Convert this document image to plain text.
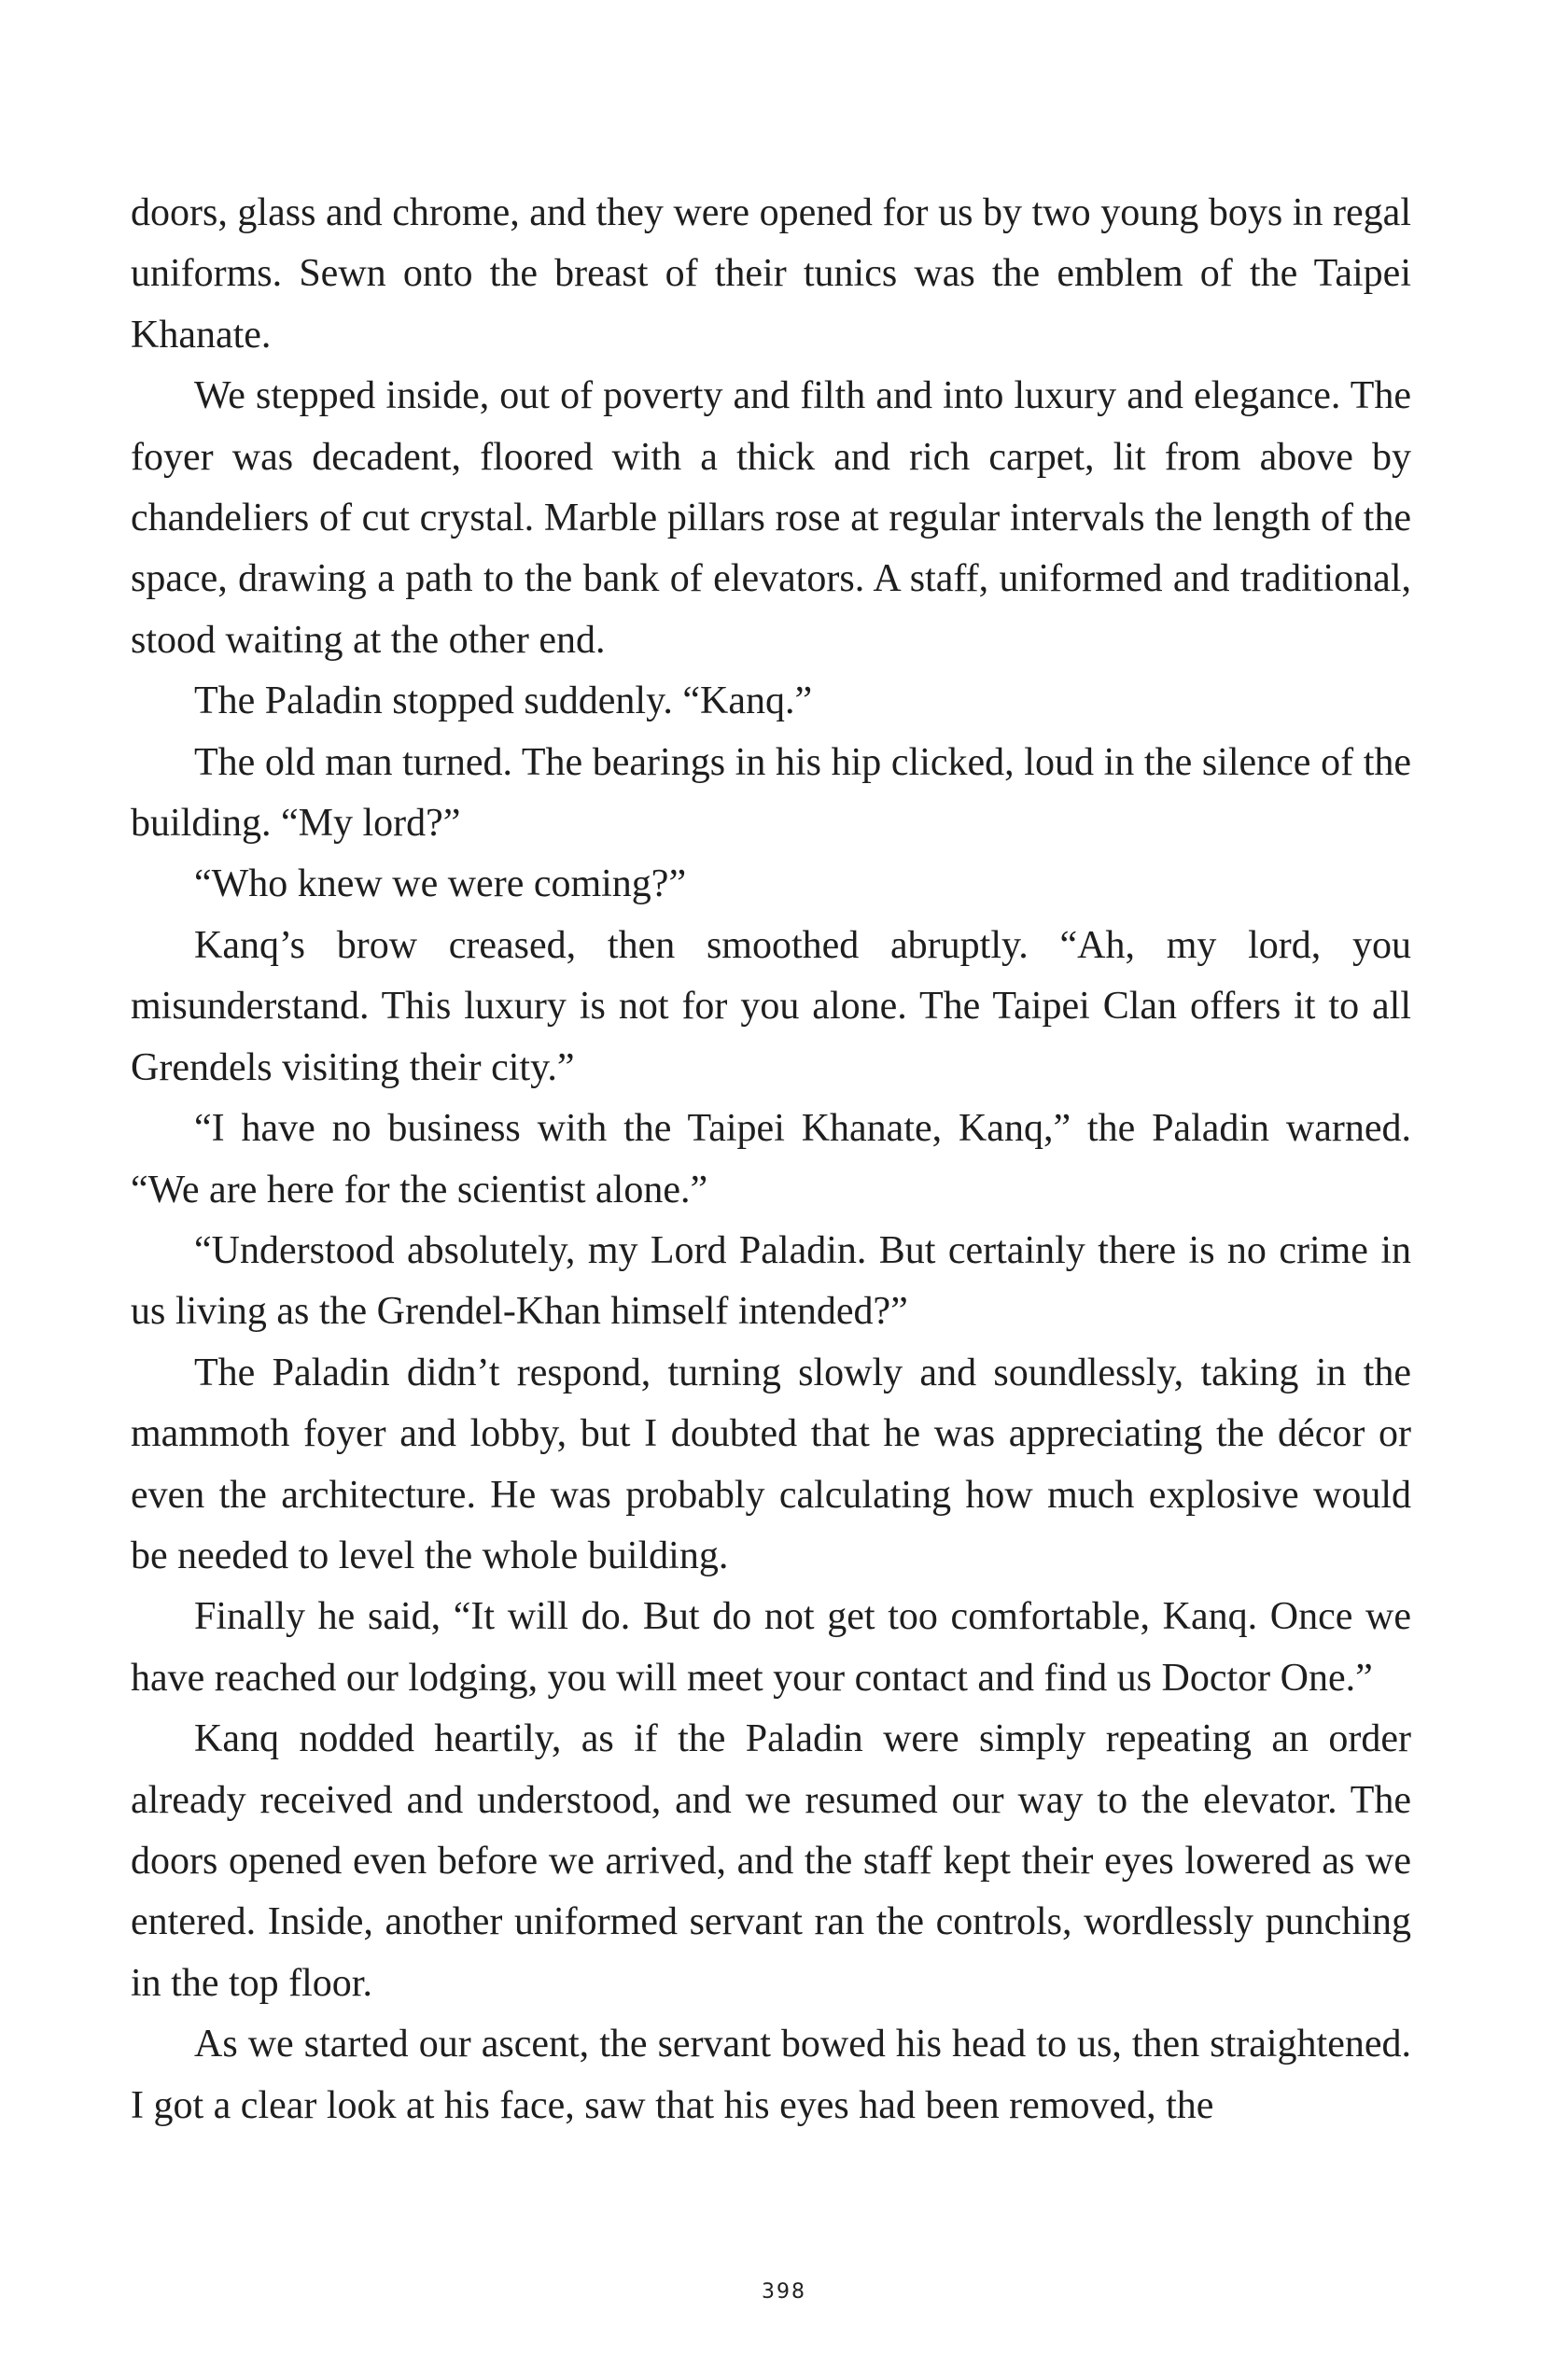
doors, glass and chrome, and they were opened for us by two young boys in regal uniforms. Sewn onto the breast of their tunics was the emblem of the Taipei Khanate.

We stepped inside, out of poverty and filth and into luxury and elegance. The foyer was decadent, floored with a thick and rich carpet, lit from above by chandeliers of cut crystal. Marble pillars rose at regular intervals the length of the space, drawing a path to the bank of elevators. A staff, uniformed and traditional, stood waiting at the other end.

The Paladin stopped suddenly. “Kanq.”

The old man turned. The bearings in his hip clicked, loud in the silence of the building. “My lord?”

“Who knew we were coming?”

Kanq’s brow creased, then smoothed abruptly. “Ah, my lord, you misunderstand. This luxury is not for you alone. The Taipei Clan offers it to all Grendels visiting their city.”

“I have no business with the Taipei Khanate, Kanq,” the Paladin warned. “We are here for the scientist alone.”

“Understood absolutely, my Lord Paladin. But certainly there is no crime in us living as the Grendel-Khan himself intended?”

The Paladin didn’t respond, turning slowly and soundlessly, taking in the mammoth foyer and lobby, but I doubted that he was appreciating the décor or even the architecture. He was probably calculating how much explosive would be needed to level the whole building.

Finally he said, “It will do. But do not get too comfortable, Kanq. Once we have reached our lodging, you will meet your contact and find us Doctor One.”

Kanq nodded heartily, as if the Paladin were simply repeating an order already received and understood, and we resumed our way to the elevator. The doors opened even before we arrived, and the staff kept their eyes lowered as we entered. Inside, another uniformed servant ran the controls, wordlessly punching in the top floor.

As we started our ascent, the servant bowed his head to us, then straightened. I got a clear look at his face, saw that his eyes had been removed, the

398
